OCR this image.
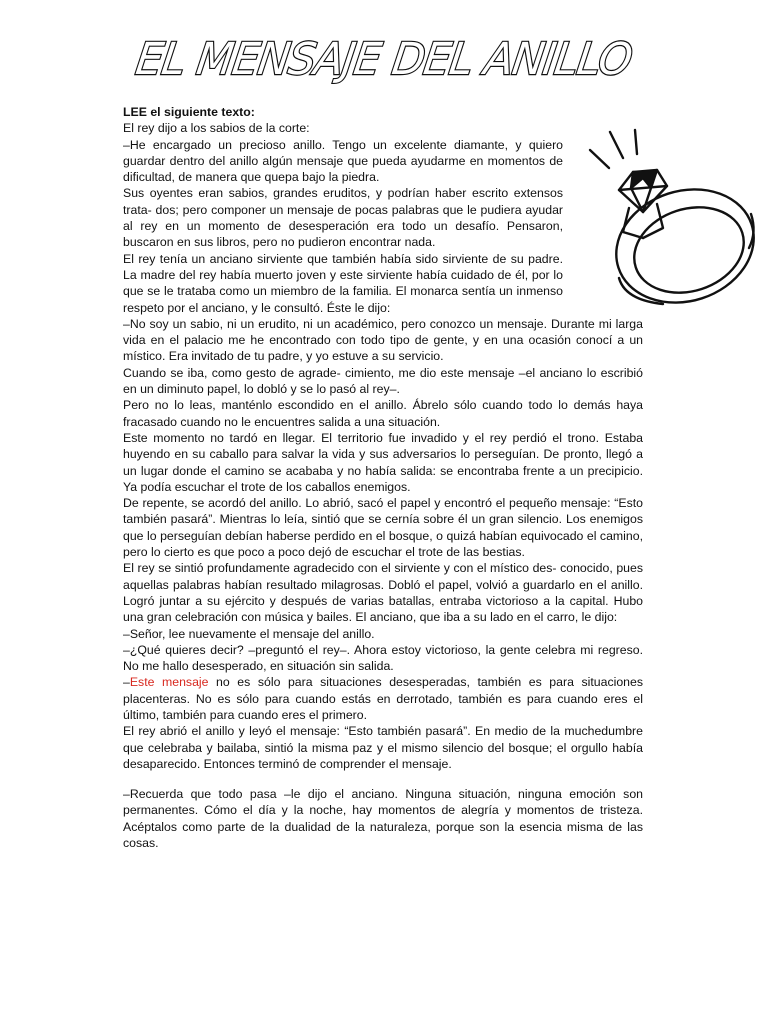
EL MENSAJE DEL ANILLO

LEE el siguiente texto:

El rey dijo a los sabios de la corte:

–He encargado un precioso anillo. Tengo un excelente diamante, y quiero guardar dentro del anillo algún mensaje que pueda ayudarme en momentos de dificultad, de manera que quepa bajo la piedra.

Sus oyentes eran sabios, grandes eruditos, y podrían haber escrito extensos trata- dos; pero componer un mensaje de pocas palabras que le pudiera ayudar al rey en un momento de desesperación era todo un desafío. Pensaron, buscaron en sus libros, pero no pudieron encontrar nada.

El rey tenía un anciano sirviente que también había sido sirviente de su padre. La madre del rey había muerto joven y este sirviente había cuidado de él, por lo que se le trataba como un miembro de la familia. El monarca sentía un inmenso respeto por el anciano, y le consultó. Éste le dijo:

–No soy un sabio, ni un erudito, ni un académico, pero conozco un mensaje. Durante mi larga vida en el palacio me he encontrado con todo tipo de gente, y en una ocasión conocí a un místico. Era invitado de tu padre, y yo estuve a su servicio.

Cuando se iba, como gesto de agrade- cimiento, me dio este mensaje –el anciano lo escribió en un diminuto papel, lo dobló y se lo pasó al rey–.

Pero no lo leas, manténlo escondido en el anillo. Ábrelo sólo cuando todo lo demás haya fracasado cuando no le encuentres salida a una situación.

Este momento no tardó en llegar. El territorio fue invadido y el rey perdió el trono. Estaba huyendo en su caballo para salvar la vida y sus adversarios lo perseguían. De pronto, llegó a un lugar donde el camino se acababa y no había salida: se encontraba frente a un precipicio. Ya podía escuchar el trote de los caballos enemigos.

De repente, se acordó del anillo. Lo abrió, sacó el papel y encontró el pequeño mensaje: “Esto también pasará”. Mientras lo leía, sintió que se cernía sobre él un gran silencio. Los enemigos que lo perseguían debían haberse perdido en el bosque, o quizá habían equivocado el camino, pero lo cierto es que poco a poco dejó de escuchar el trote de las bestias.

El rey se sintió profundamente agradecido con el sirviente y con el místico des- conocido, pues aquellas palabras habían resultado milagrosas. Dobló el papel, volvió a guardarlo en el anillo. Logró juntar a su ejército y después de varias batallas, entraba victorioso a la capital. Hubo una gran celebración con música y bailes. El anciano, que iba a su lado en el carro, le dijo:

–Señor, lee nuevamente el mensaje del anillo.

–¿Qué quieres decir? –preguntó el rey–. Ahora estoy victorioso, la gente celebra mi regreso. No me hallo desesperado, en situación sin salida.

–Este mensaje no es sólo para situaciones desesperadas, también es para situaciones placenteras. No es sólo para cuando estás en derrotado, también es para cuando eres el último, también para cuando eres el primero.

El rey abrió el anillo y leyó el mensaje: “Esto también pasará”. En medio de la muchedumbre que celebraba y bailaba, sintió la misma paz y el mismo silencio del bosque; el orgullo había desaparecido. Entonces terminó de comprender el mensaje.

–Recuerda que todo pasa –le dijo el anciano. Ninguna situación, ninguna emoción son permanentes. Cómo el día y la noche, hay momentos de alegría y momentos de tristeza. Acéptalos como parte de la dualidad de la naturaleza, porque son la esencia misma de las cosas.
